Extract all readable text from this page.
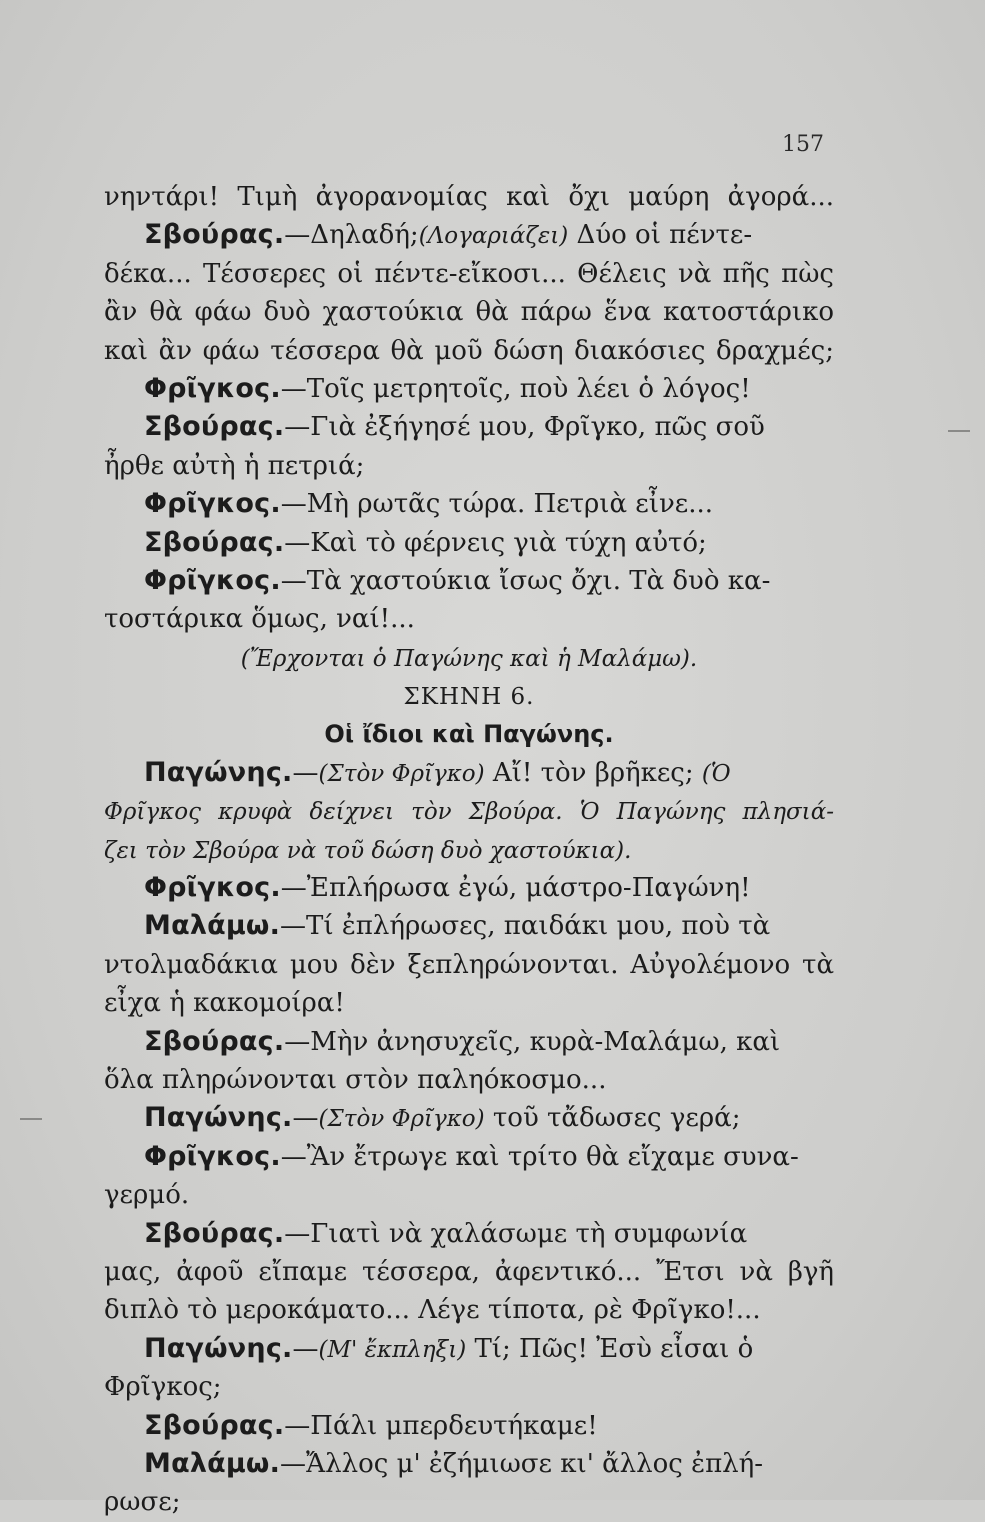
157
νηντάρι! Τιμὴ ἀγορανομίας καὶ ὄχι μαύρη ἀγορά...
Σβούρας.—Δηλαδή;(Λογαριάζει) Δύο οἱ πέντε-
δέκα... Τέσσερες οἱ πέντε-εἴκοσι... Θέλεις νὰ πῆς πὼς
ἂν θὰ φάω δυὸ χαστούκια θὰ πάρω ἕνα κατοστάρικο
καὶ ἂν φάω τέσσερα θὰ μοῦ δώση διακόσιες δραχμές;
Φρῖγκος.—Τοῖς μετρητοῖς, ποὺ λέει ὁ λόγος!
Σβούρας.—Γιὰ ἐξήγησέ μου, Φρῖγκο, πῶς σοῦ
ἦρθε αὐτὴ ἡ πετριά;
Φρῖγκος.—Μὴ ρωτᾶς τώρα. Πετριὰ εἶνε...
Σβούρας.—Καὶ τὸ φέρνεις γιὰ τύχη αὐτό;
Φρῖγκος.—Τὰ χαστούκια ἴσως ὄχι. Τὰ δυὸ κα-
τοστάρικα ὅμως, ναί!...
(Ἔρχονται ὁ Παγώνης καὶ ἡ Μαλάμω).
ΣΚΗΝΗ 6.
Οἱ ἴδιοι καὶ Παγώνης.
Παγώνης.—(Στὸν Φρῖγκο) Αἴ! τὸν βρῆκες; (Ὁ
Φρῖγκος κρυφὰ δείχνει τὸν Σβούρα. Ὁ Παγώνης πλησιά-
ζει τὸν Σβούρα νὰ τοῦ δώση δυὸ χαστούκια).
Φρῖγκος.—Ἐπλήρωσα ἐγώ, μάστρο-Παγώνη!
Μαλάμω.—Τί ἐπλήρωσες, παιδάκι μου, ποὺ τὰ
ντολμαδάκια μου δὲν ξεπληρώνονται. Αὐγολέμονο τὰ
εἶχα ἡ κακομοίρα!
Σβούρας.—Μὴν ἀνησυχεῖς, κυρὰ-Μαλάμω, καὶ
ὅλα πληρώνονται στὸν παληόκοσμο...
Παγώνης.—(Στὸν Φρῖγκο) τοῦ τἄδωσες γερά;
Φρῖγκος.—Ἂν ἔτρωγε καὶ τρίτο θὰ εἴχαμε συνα-
γερμό.
Σβούρας.—Γιατὶ νὰ χαλάσωμε τὴ συμφωνία
μας, ἀφοῦ εἴπαμε τέσσερα, ἀφεντικό... Ἔτσι νὰ βγῆ
διπλὸ τὸ μεροκάματο... Λέγε τίποτα, ρὲ Φρῖγκο!...
Παγώνης.—(Μ' ἔκπληξι) Τί; Πῶς! Ἐσὺ εἶσαι ὁ
Φρῖγκος;
Σβούρας.—Πάλι μπερδευτήκαμε!
Μαλάμω.—Ἄλλος μ' ἐζήμιωσε κι' ἄλλος ἐπλή-
ρωσε;
